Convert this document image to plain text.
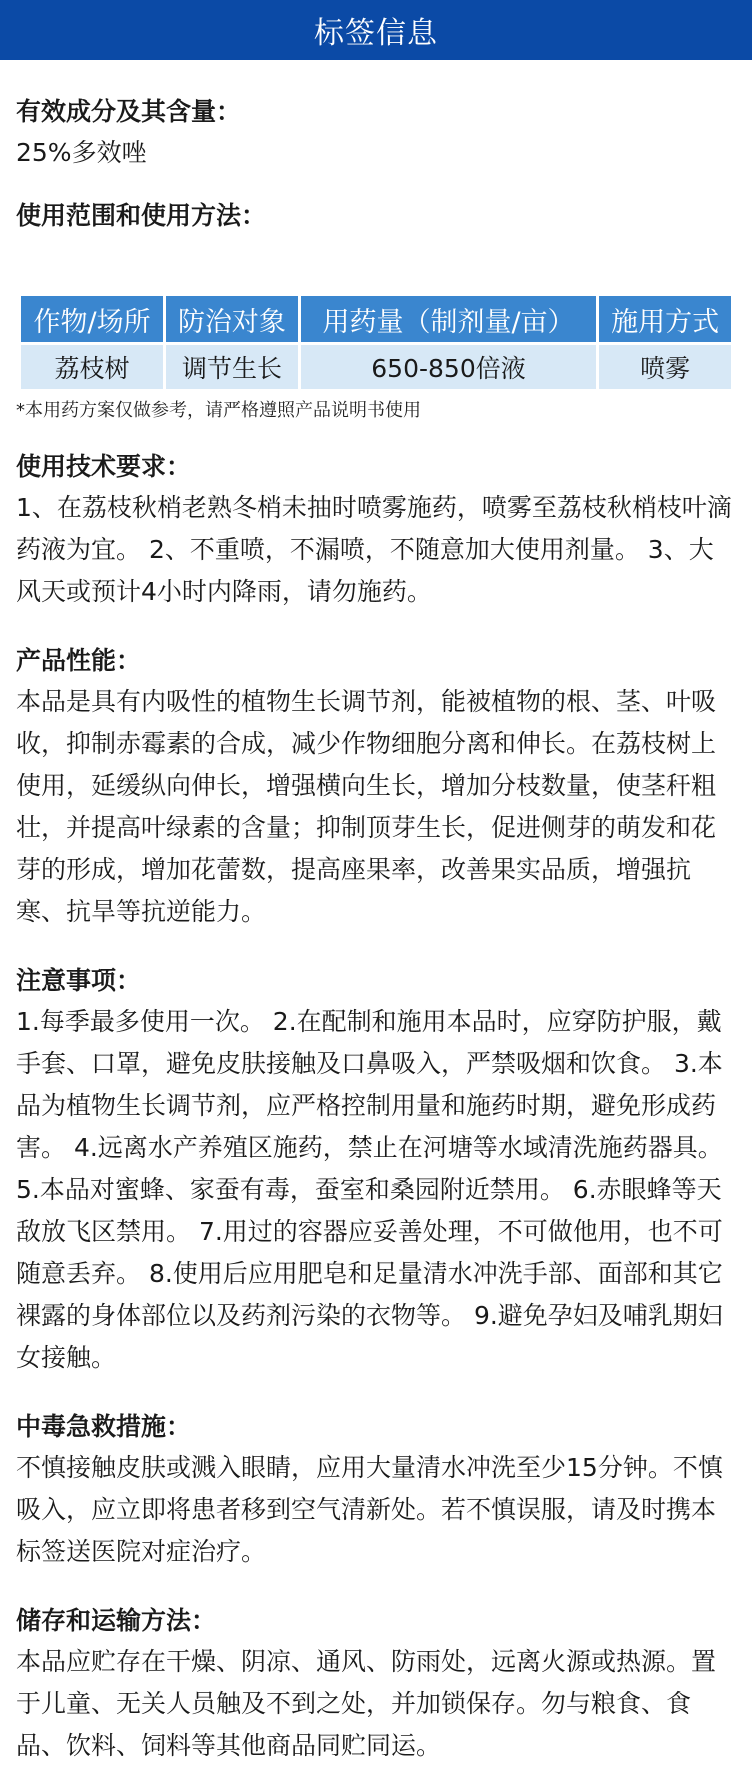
标签信息
有效成分及其含量：
25%多效唑
使用范围和使用方法：
作物/场所	防治对象	用药量（制剂量/亩）	施用方式
荔枝树	调节生长	650-850倍液	喷雾
*本用药方案仅做参考，请严格遵照产品说明书使用
使用技术要求：
1、在荔枝秋梢老熟冬梢未抽时喷雾施药，喷雾至荔枝秋梢枝叶滴药液为宜。 2、不重喷，不漏喷，不随意加大使用剂量。 3、大风天或预计4小时内降雨，请勿施药。
产品性能：
本品是具有内吸性的植物生长调节剂，能被植物的根、茎、叶吸收，抑制赤霉素的合成，减少作物细胞分离和伸长。在荔枝树上使用，延缓纵向伸长，增强横向生长，增加分枝数量，使茎秆粗壮，并提高叶绿素的含量；抑制顶芽生长，促进侧芽的萌发和花芽的形成，增加花蕾数，提高座果率，改善果实品质，增强抗寒、抗旱等抗逆能力。
注意事项：
1.每季最多使用一次。 2.在配制和施用本品时，应穿防护服，戴手套、口罩，避免皮肤接触及口鼻吸入，严禁吸烟和饮食。 3.本品为植物生长调节剂，应严格控制用量和施药时期，避免形成药害。 4.远离水产养殖区施药，禁止在河塘等水域清洗施药器具。 5.本品对蜜蜂、家蚕有毒，蚕室和桑园附近禁用。 6.赤眼蜂等天敌放飞区禁用。 7.用过的容器应妥善处理，不可做他用，也不可随意丢弃。 8.使用后应用肥皂和足量清水冲洗手部、面部和其它裸露的身体部位以及药剂污染的衣物等。 9.避免孕妇及哺乳期妇女接触。
中毒急救措施：
不慎接触皮肤或溅入眼睛，应用大量清水冲洗至少15分钟。不慎吸入，应立即将患者移到空气清新处。若不慎误服，请及时携本标签送医院对症治疗。
储存和运输方法：
本品应贮存在干燥、阴凉、通风、防雨处，远离火源或热源。置于儿童、无关人员触及不到之处，并加锁保存。勿与粮食、食品、饮料、饲料等其他商品同贮同运。
